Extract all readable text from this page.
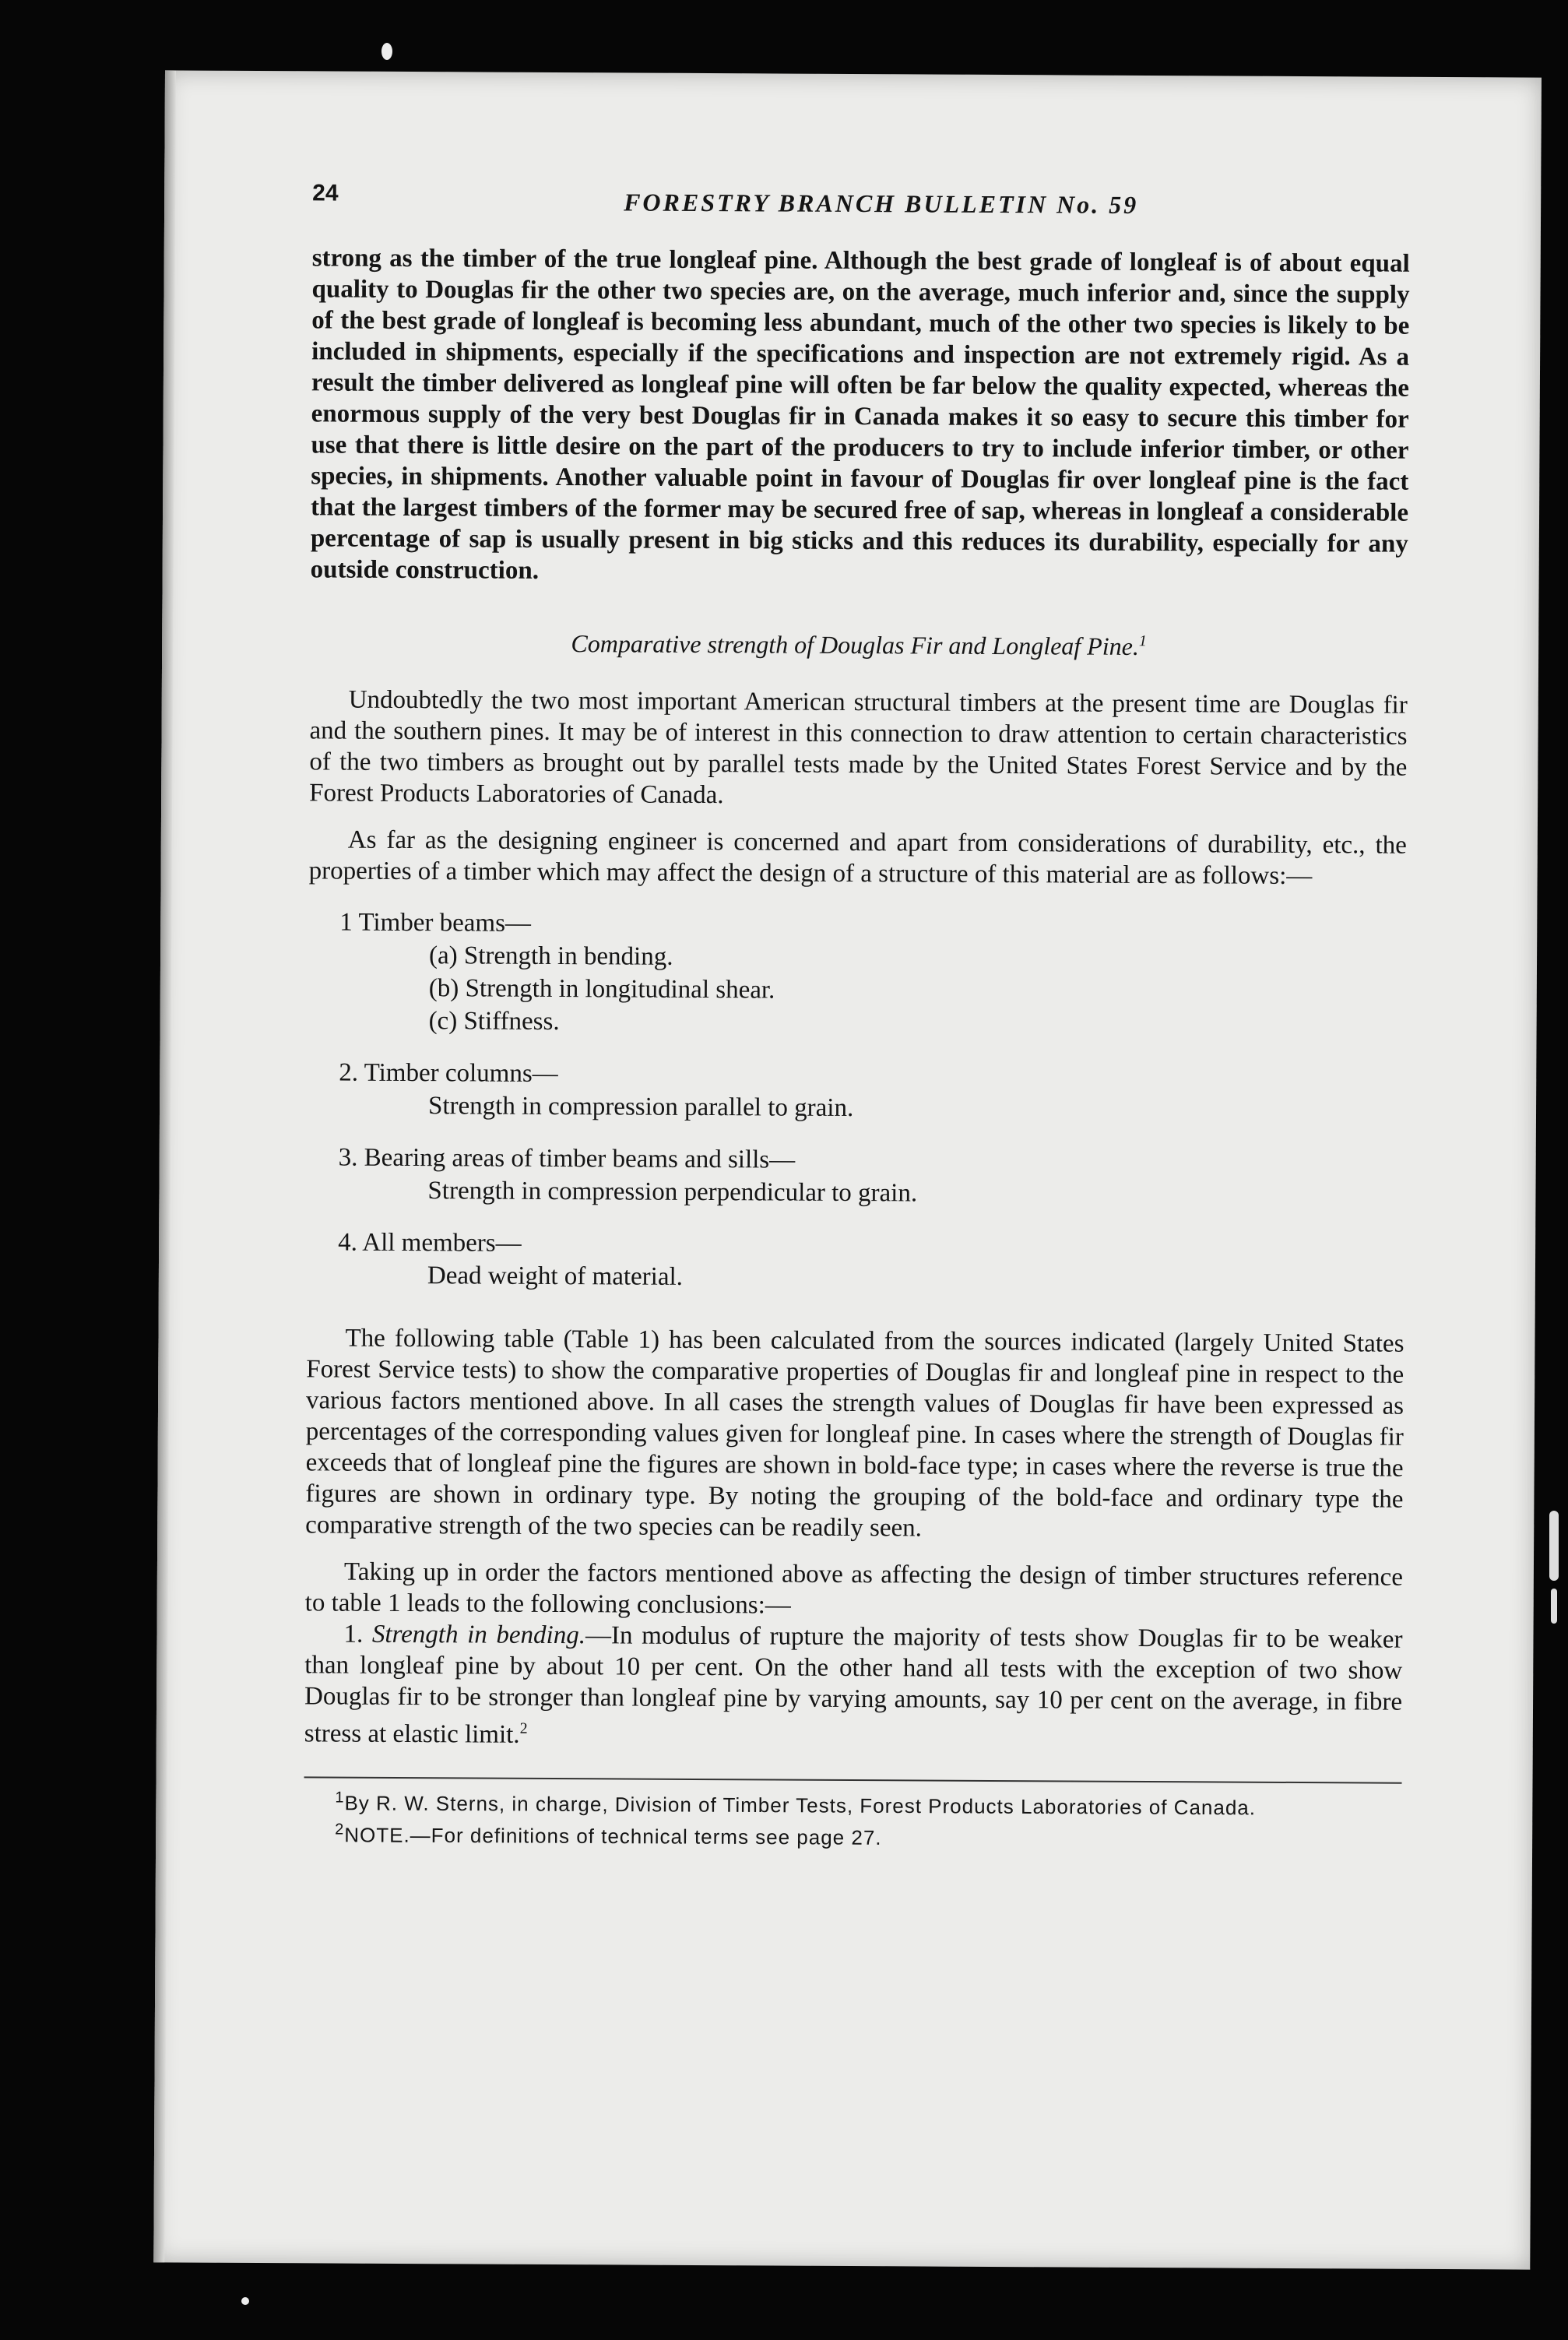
24	FORESTRY BRANCH BULLETIN No. 59

strong as the timber of the true longleaf pine. Although the best grade of longleaf is of about equal quality to Douglas fir the other two species are, on the average, much inferior and, since the supply of the best grade of longleaf is becoming less abundant, much of the other two species is likely to be included in shipments, especially if the specifications and inspection are not extremely rigid. As a result the timber delivered as longleaf pine will often be far below the quality expected, whereas the enormous supply of the very best Douglas fir in Canada makes it so easy to secure this timber for use that there is little desire on the part of the producers to try to include inferior timber, or other species, in shipments. Another valuable point in favour of Douglas fir over longleaf pine is the fact that the largest timbers of the former may be secured free of sap, whereas in longleaf a considerable percentage of sap is usually present in big sticks and this reduces its durability, especially for any outside construction.

Comparative strength of Douglas Fir and Longleaf Pine.$^1$

Undoubtedly the two most important American structural timbers at the present time are Douglas fir and the southern pines. It may be of interest in this connection to draw attention to certain characteristics of the two timbers as brought out by parallel tests made by the United States Forest Service and by the Forest Products Laboratories of Canada.

As far as the designing engineer is concerned and apart from considerations of durability, etc., the properties of a timber which may affect the design of a structure of this material are as follows:—

1 Timber beams—
(a) Strength in bending.
(b) Strength in longitudinal shear.
(c) Stiffness.
2. Timber columns—
Strength in compression parallel to grain.
3. Bearing areas of timber beams and sills—
Strength in compression perpendicular to grain.
4. All members—
Dead weight of material.

The following table (Table 1) has been calculated from the sources indicated (largely United States Forest Service tests) to show the comparative properties of Douglas fir and longleaf pine in respect to the various factors mentioned above. In all cases the strength values of Douglas fir have been expressed as percentages of the corresponding values given for longleaf pine. In cases where the strength of Douglas fir exceeds that of longleaf pine the figures are shown in bold-face type; in cases where the reverse is true the figures are shown in ordinary type. By noting the grouping of the bold-face and ordinary type the comparative strength of the two species can be readily seen.

Taking up in order the factors mentioned above as affecting the design of timber structures reference to table 1 leads to the following conclusions:—

1. Strength in bending.—In modulus of rupture the majority of tests show Douglas fir to be weaker than longleaf pine by about 10 per cent. On the other hand all tests with the exception of two show Douglas fir to be stronger than longleaf pine by varying amounts, say 10 per cent on the average, in fibre stress at elastic limit.$^2$

$^1$By R. W. Sterns, in charge, Division of Timber Tests, Forest Products Laboratories of Canada.
$^2$NOTE.—For definitions of technical terms see page 27.
